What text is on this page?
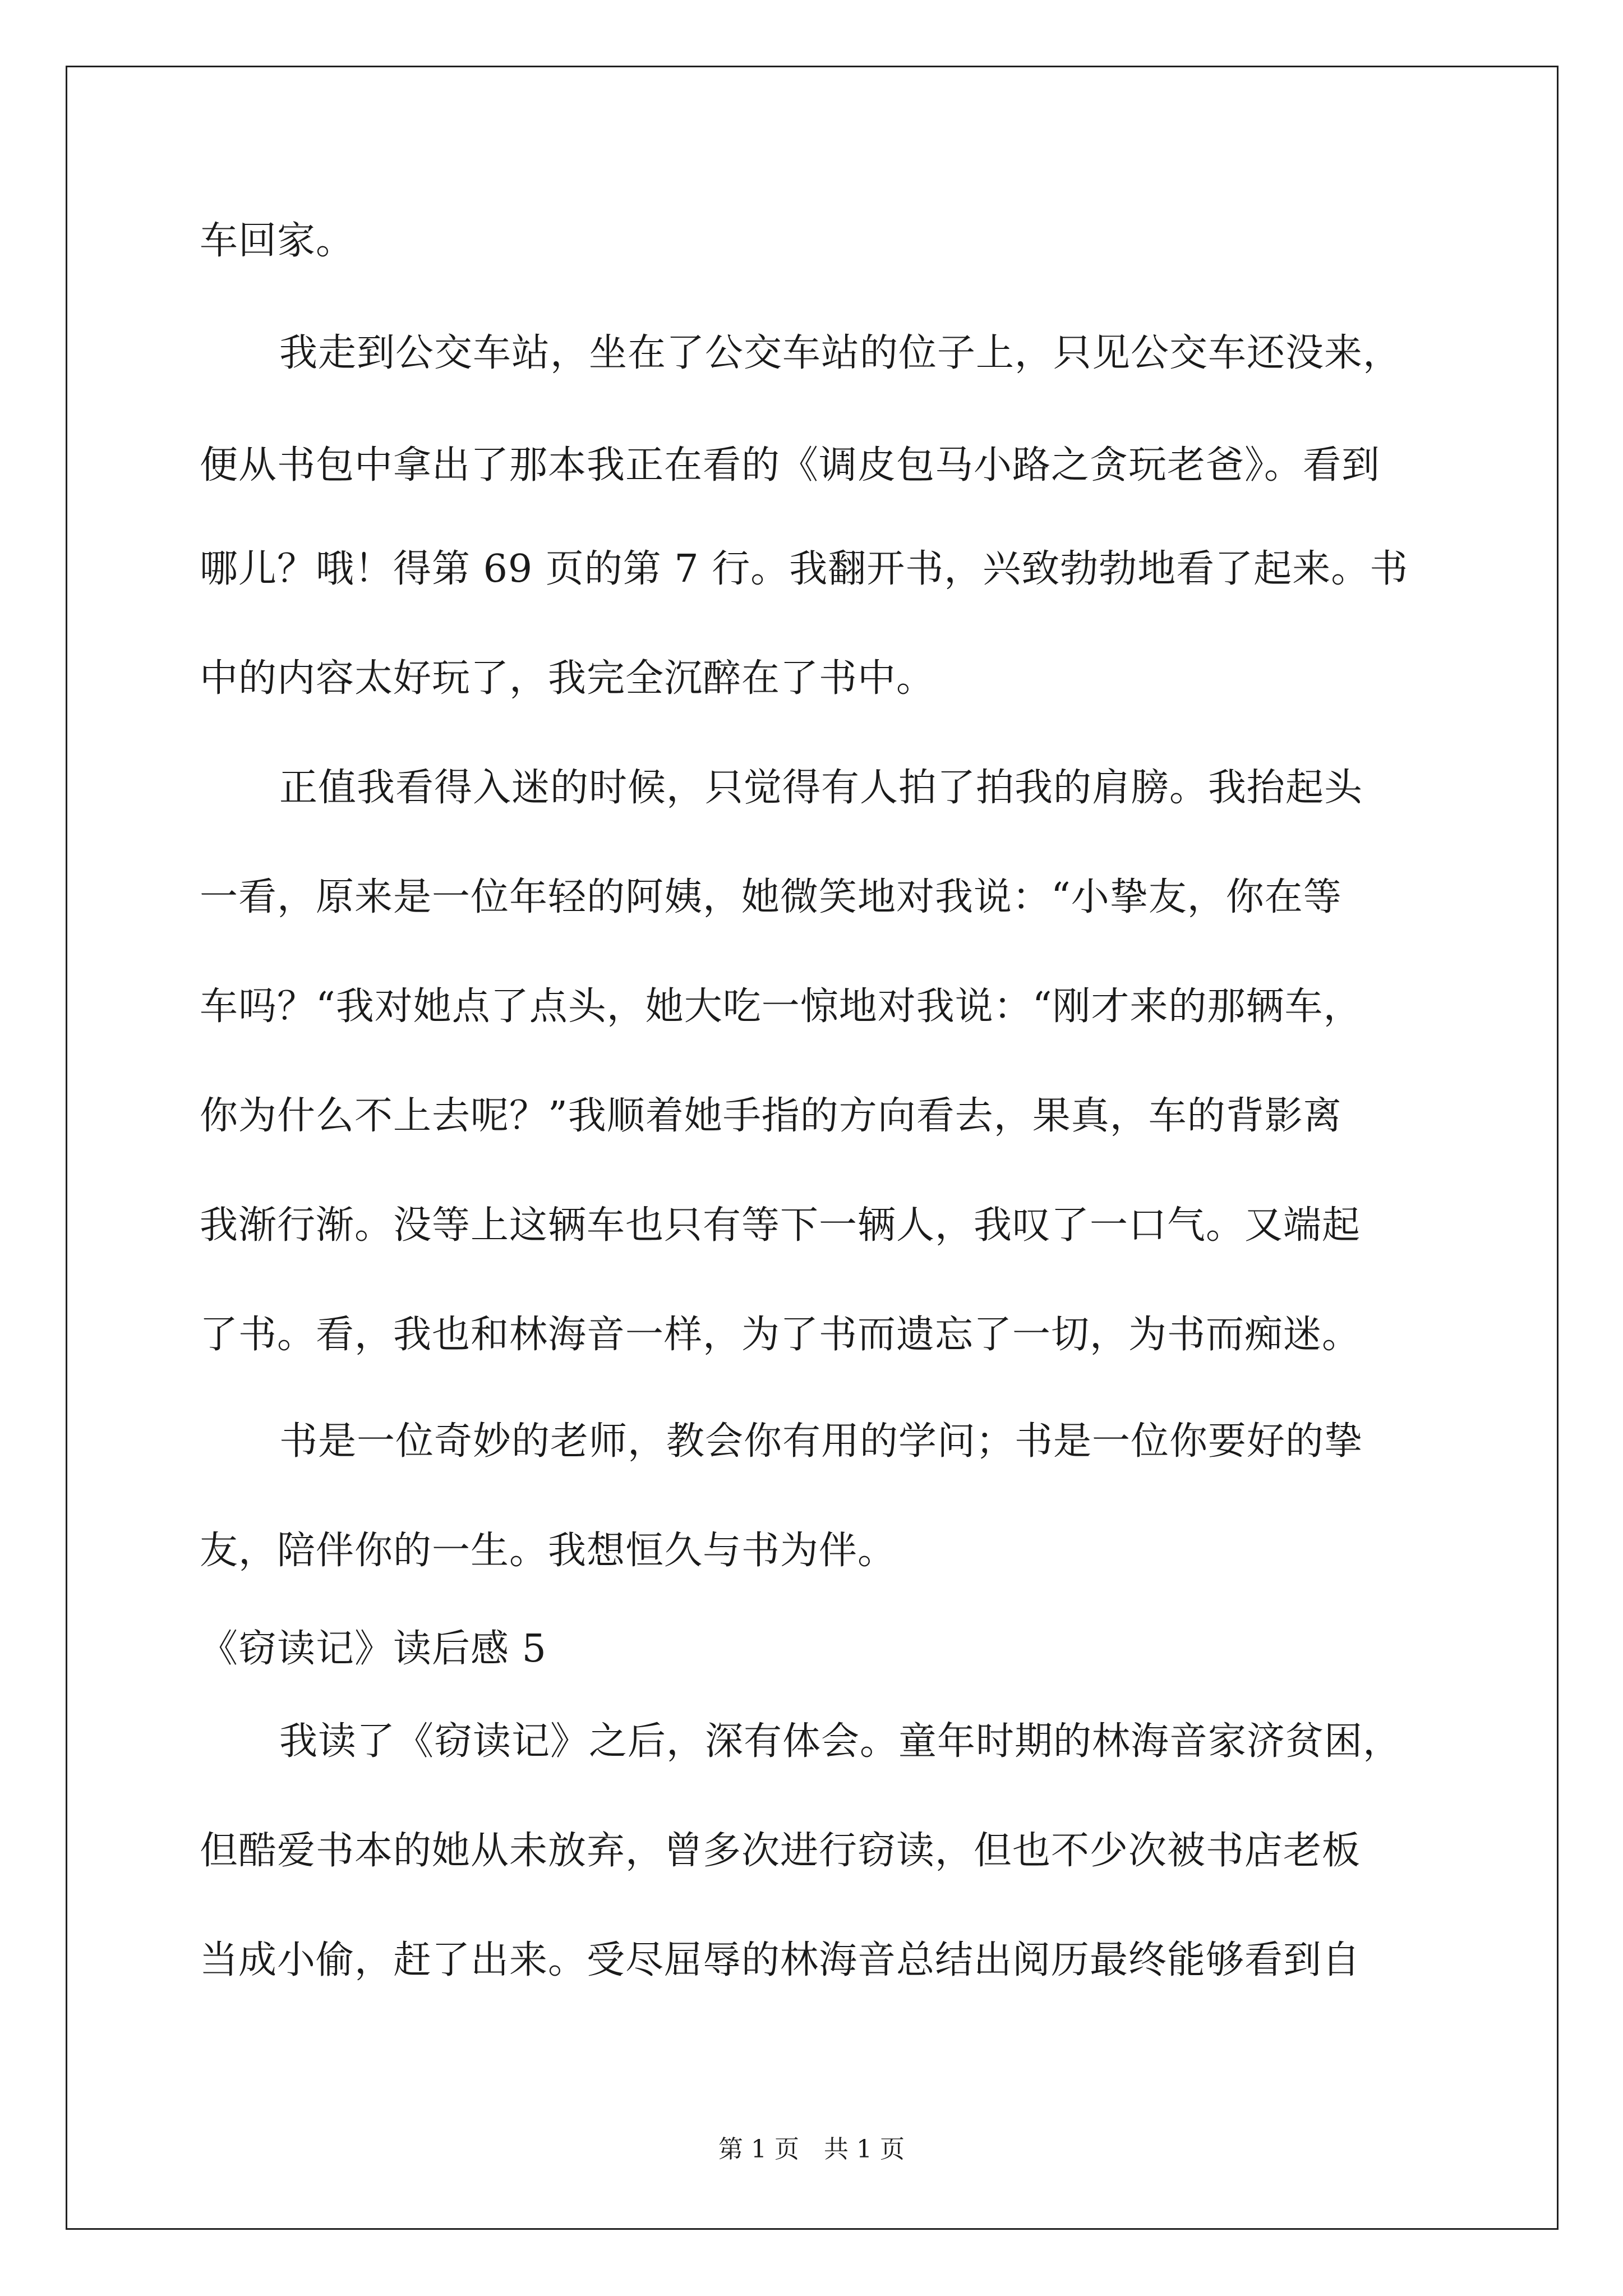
车回家。
我走到公交车站，坐在了公交车站的位子上，只见公交车还没来，
便从书包中拿出了那本我正在看的《调皮包马小路之贪玩老爸》。看到
哪儿？哦！得第 69 页的第 7 行。我翻开书，兴致勃勃地看了起来。书
中的内容太好玩了，我完全沉醉在了书中。
正值我看得入迷的时候，只觉得有人拍了拍我的肩膀。我抬起头
一看，原来是一位年轻的阿姨，她微笑地对我说：“小挚友，你在等
车吗？“我对她点了点头，她大吃一惊地对我说：“刚才来的那辆车，
你为什么不上去呢？”我顺着她手指的方向看去，果真，车的背影离
我渐行渐。没等上这辆车也只有等下一辆人，我叹了一口气。又端起
了书。看，我也和林海音一样，为了书而遗忘了一切，为书而痴迷。
书是一位奇妙的老师，教会你有用的学问；书是一位你要好的挚
友，陪伴你的一生。我想恒久与书为伴。
《窃读记》读后感 5
我读了《窃读记》之后，深有体会。童年时期的林海音家济贫困，
但酷爱书本的她从未放弃，曾多次进行窃读，但也不少次被书店老板
当成小偷，赶了出来。受尽屈辱的林海音总结出阅历最终能够看到自
第 1 页　共 1 页
